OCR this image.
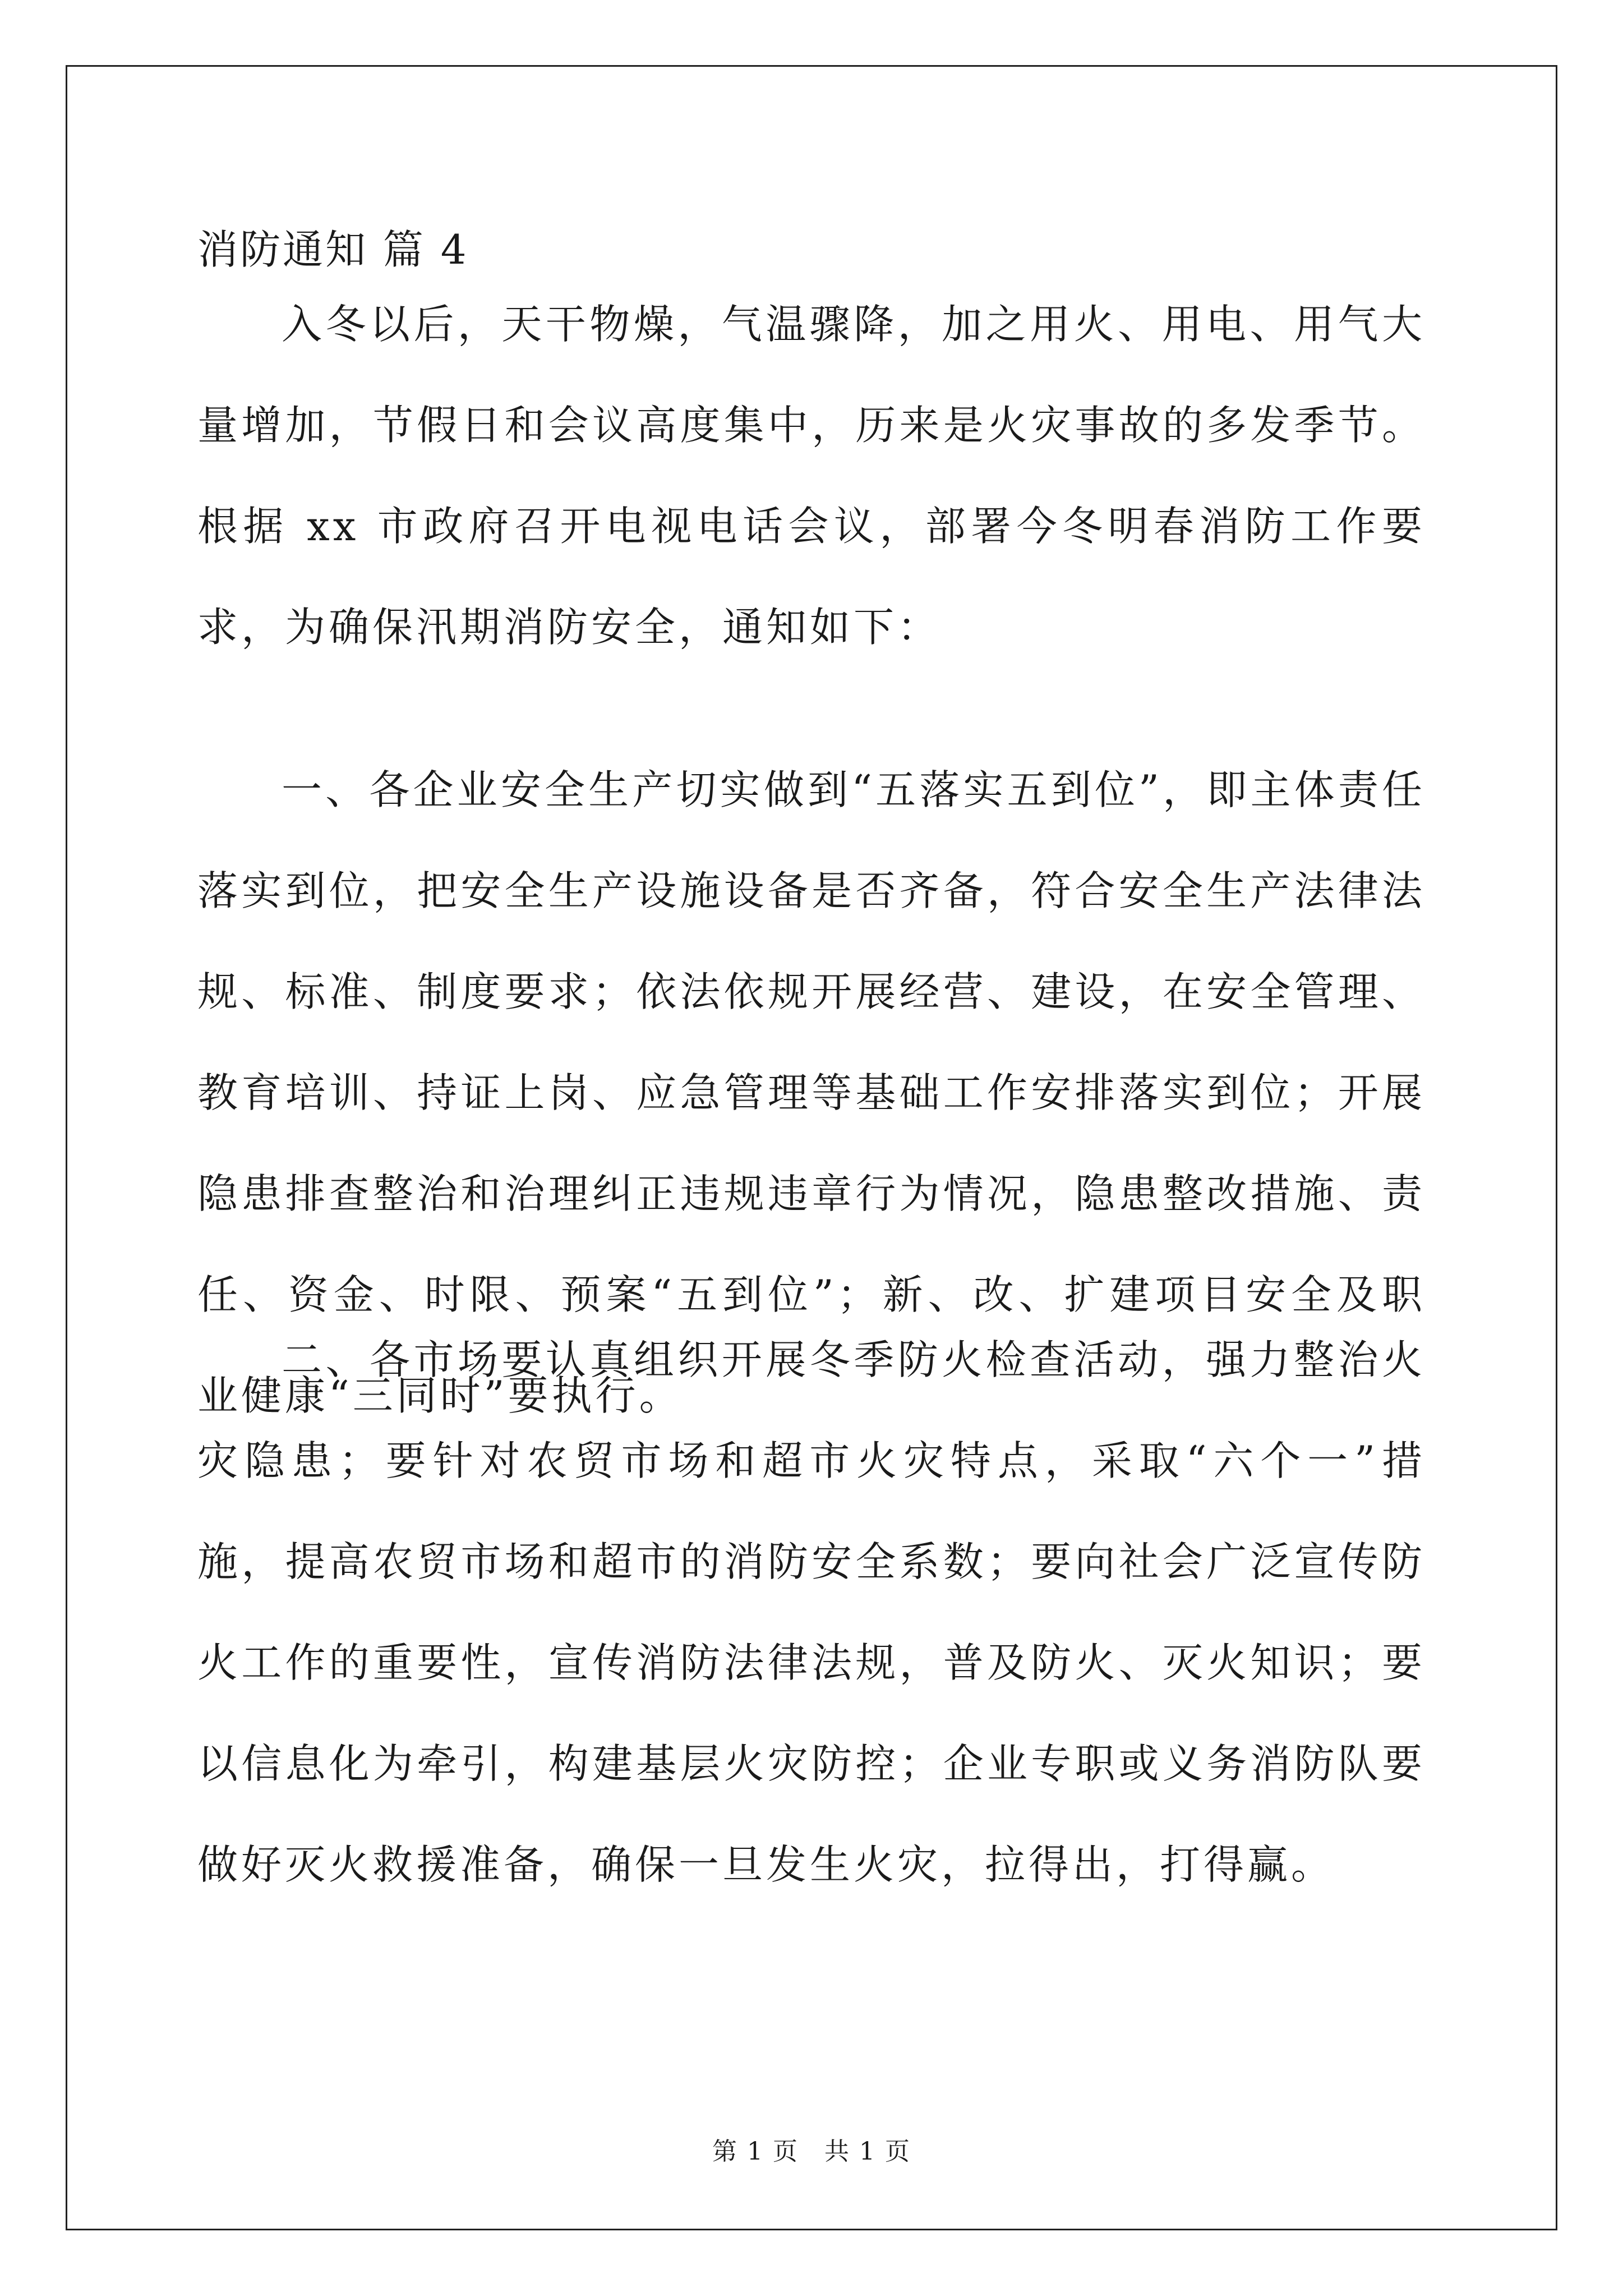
消防通知 篇 4

入冬以后，天干物燥，气温骤降，加之用火、用电、用气大量增加，节假日和会议高度集中，历来是火灾事故的多发季节。根据 xx 市政府召开电视电话会议，部署今冬明春消防工作要求，为确保汛期消防安全，通知如下：

一、各企业安全生产切实做到“五落实五到位”，即主体责任落实到位，把安全生产设施设备是否齐备，符合安全生产法律法规、标准、制度要求；依法依规开展经营、建设，在安全管理、教育培训、持证上岗、应急管理等基础工作安排落实到位；开展隐患排查整治和治理纠正违规违章行为情况，隐患整改措施、责任、资金、时限、预案“五到位”；新、改、扩建项目安全及职业健康“三同时”要执行。

二、各市场要认真组织开展冬季防火检查活动，强力整治火灾隐患；要针对农贸市场和超市火灾特点，采取“六个一”措施，提高农贸市场和超市的消防安全系数；要向社会广泛宣传防火工作的重要性，宣传消防法律法规，普及防火、灭火知识；要以信息化为牵引，构建基层火灾防控；企业专职或义务消防队要做好灭火救援准备，确保一旦发生火灾，拉得出，打得赢。

第 1 页　共 1 页
